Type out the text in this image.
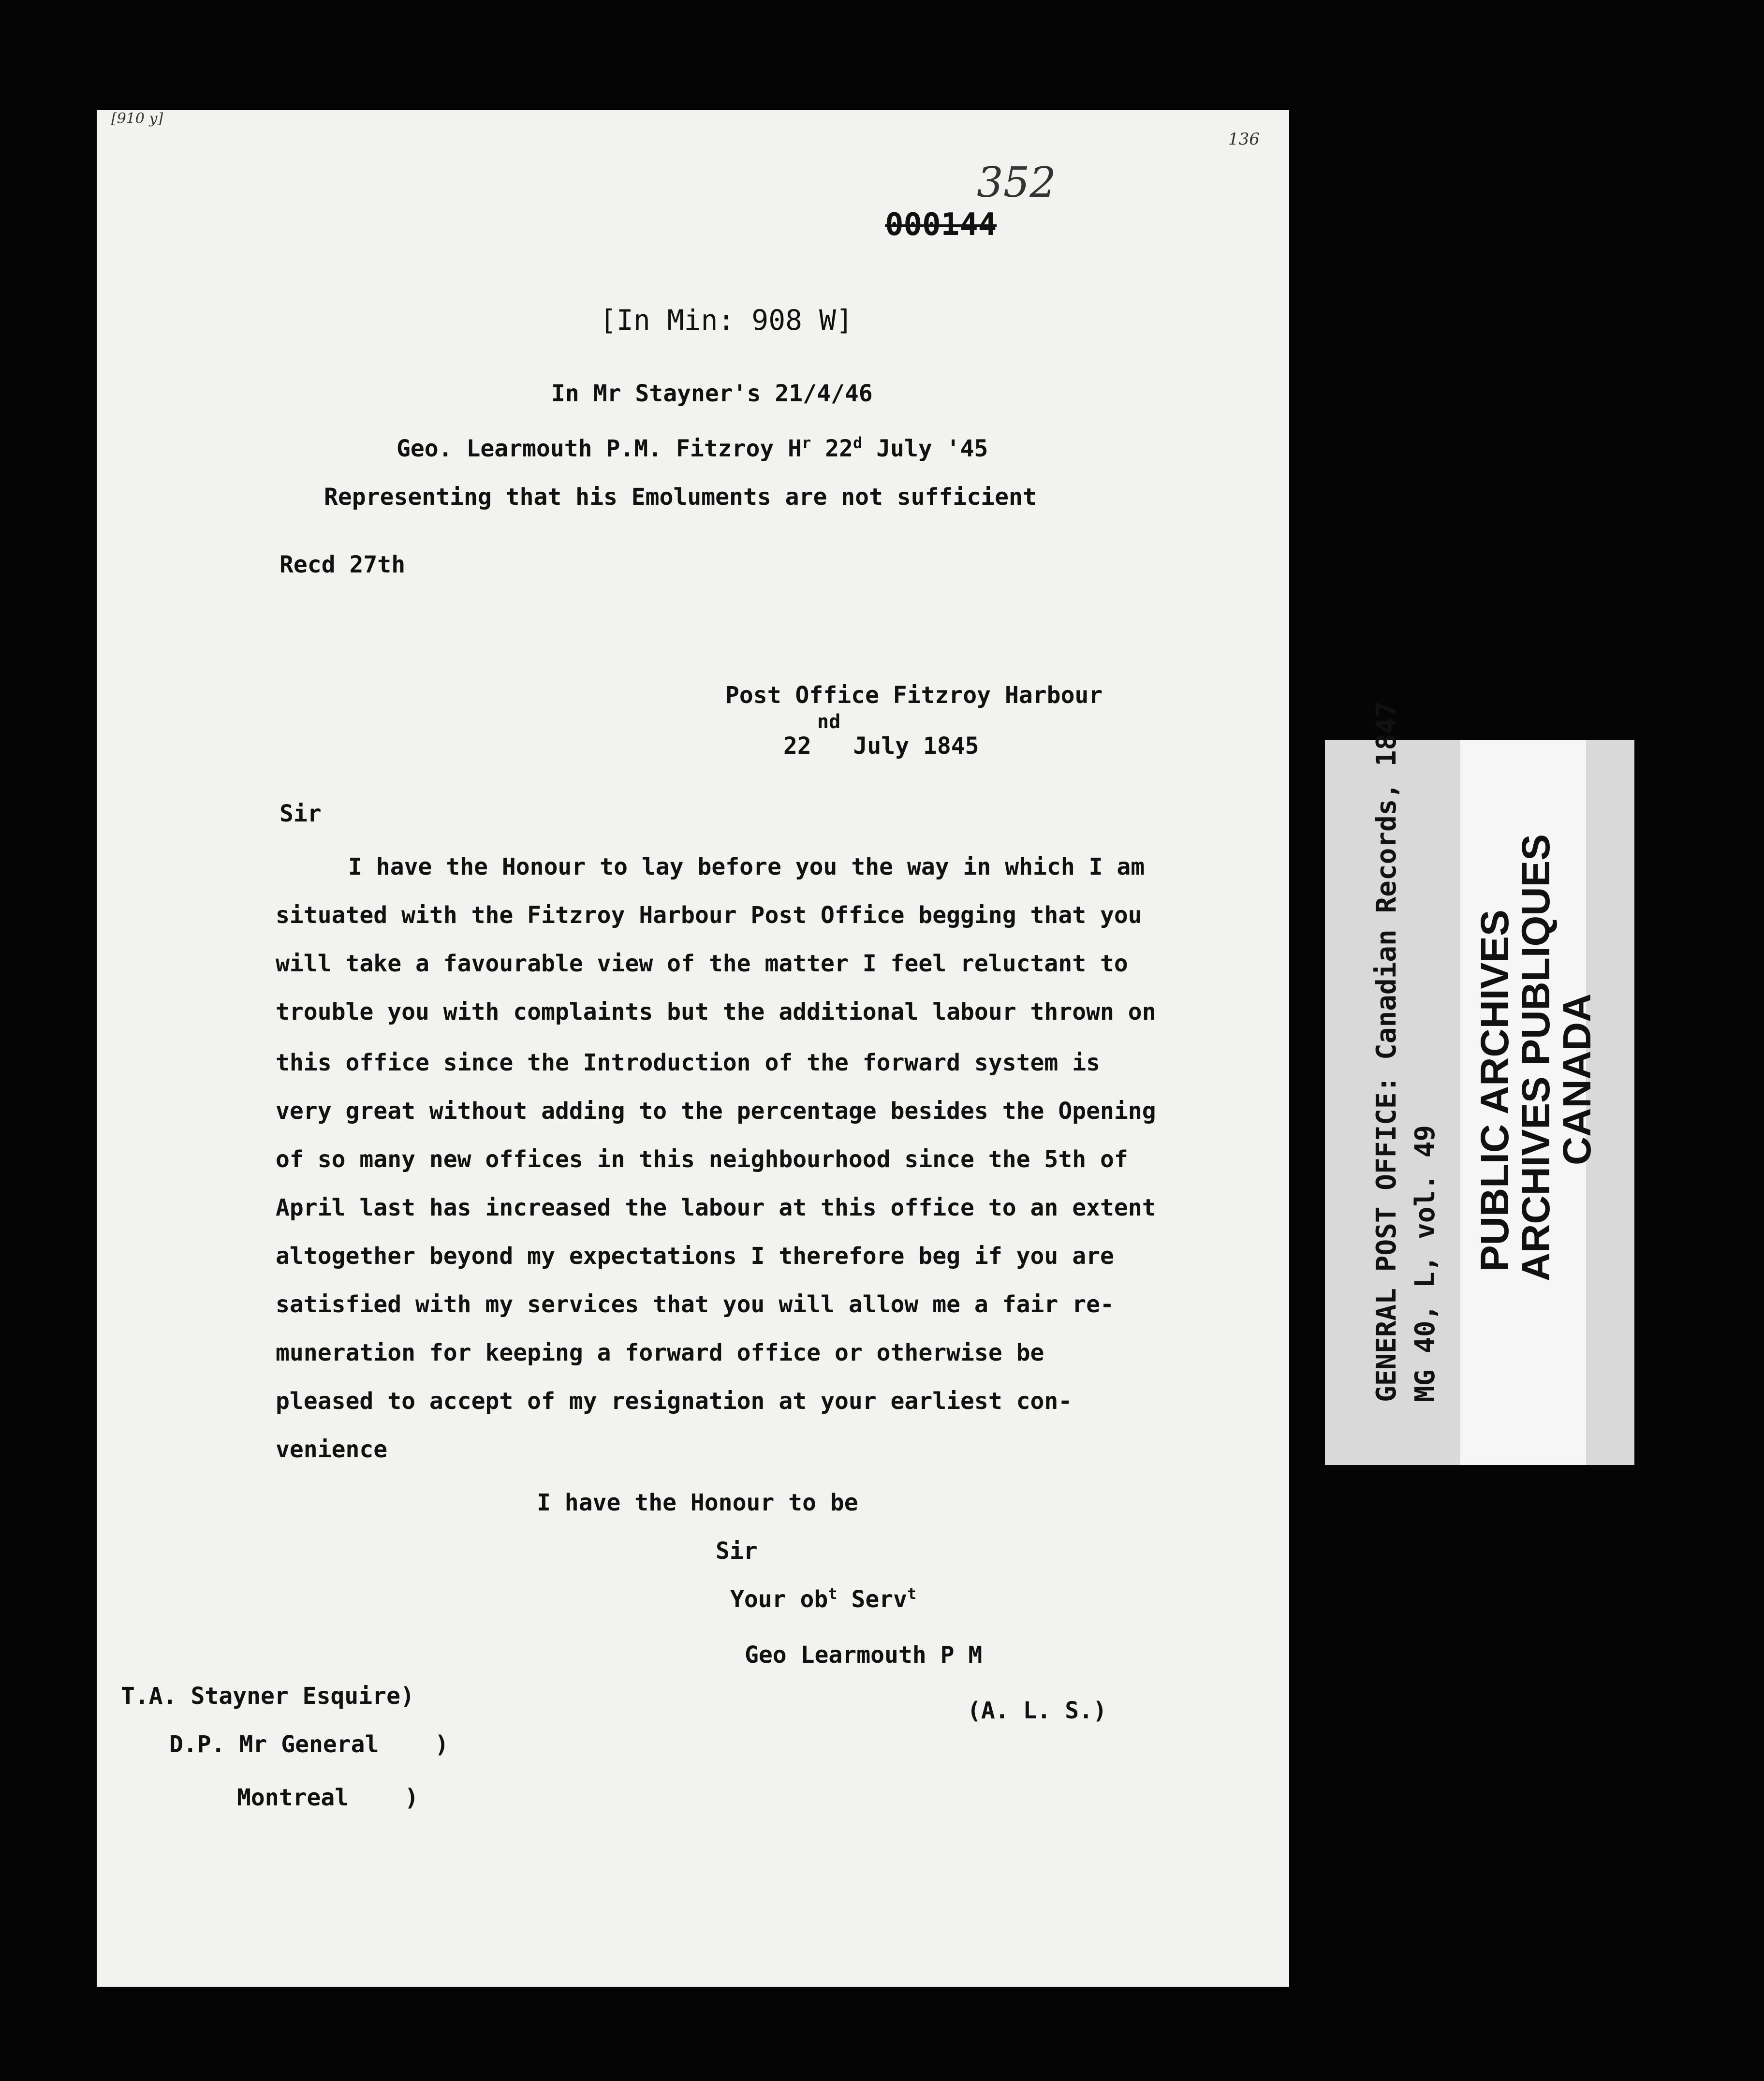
[910 y]
136
352
000144
[In Min: 908 W]
In Mr Stayner's 21/4/46
Geo. Learmouth P.M. Fitzroy $H^r$ 22$^d$ July '45
Representing that his Emoluments are not sufficient
Recd 27th
Post Office Fitzroy Harbour
nd
22   July 1845
Sir
I have the Honour to lay before you the way in which I am
situated with the Fitzroy Harbour Post Office begging that you
will take a favourable view of the matter I feel reluctant to
trouble you with complaints but the additional labour thrown on
this office since the Introduction of the forward system is
very great without adding to the percentage besides the Opening
of so many new offices in this neighbourhood since the 5th of
April last has increased the labour at this office to an extent
altogether beyond my expectations I therefore beg if you are
satisfied with my services that you will allow me a fair re-
muneration for keeping a forward office or otherwise be
pleased to accept of my resignation at your earliest con-
venience
I have the Honour to be
Sir
Your $ob^t$ Serv$^t$
Geo Learmouth P M
(A. L. S.)
T.A. Stayner Esquire)
D.P. Mr General    )
Montreal    )
GENERAL POST OFFICE: Canadian Records, 1847 MG 40, L, vol. 49 PUBLIC ARCHIVES
ARCHIVES PUBLIQUES
CANADA
